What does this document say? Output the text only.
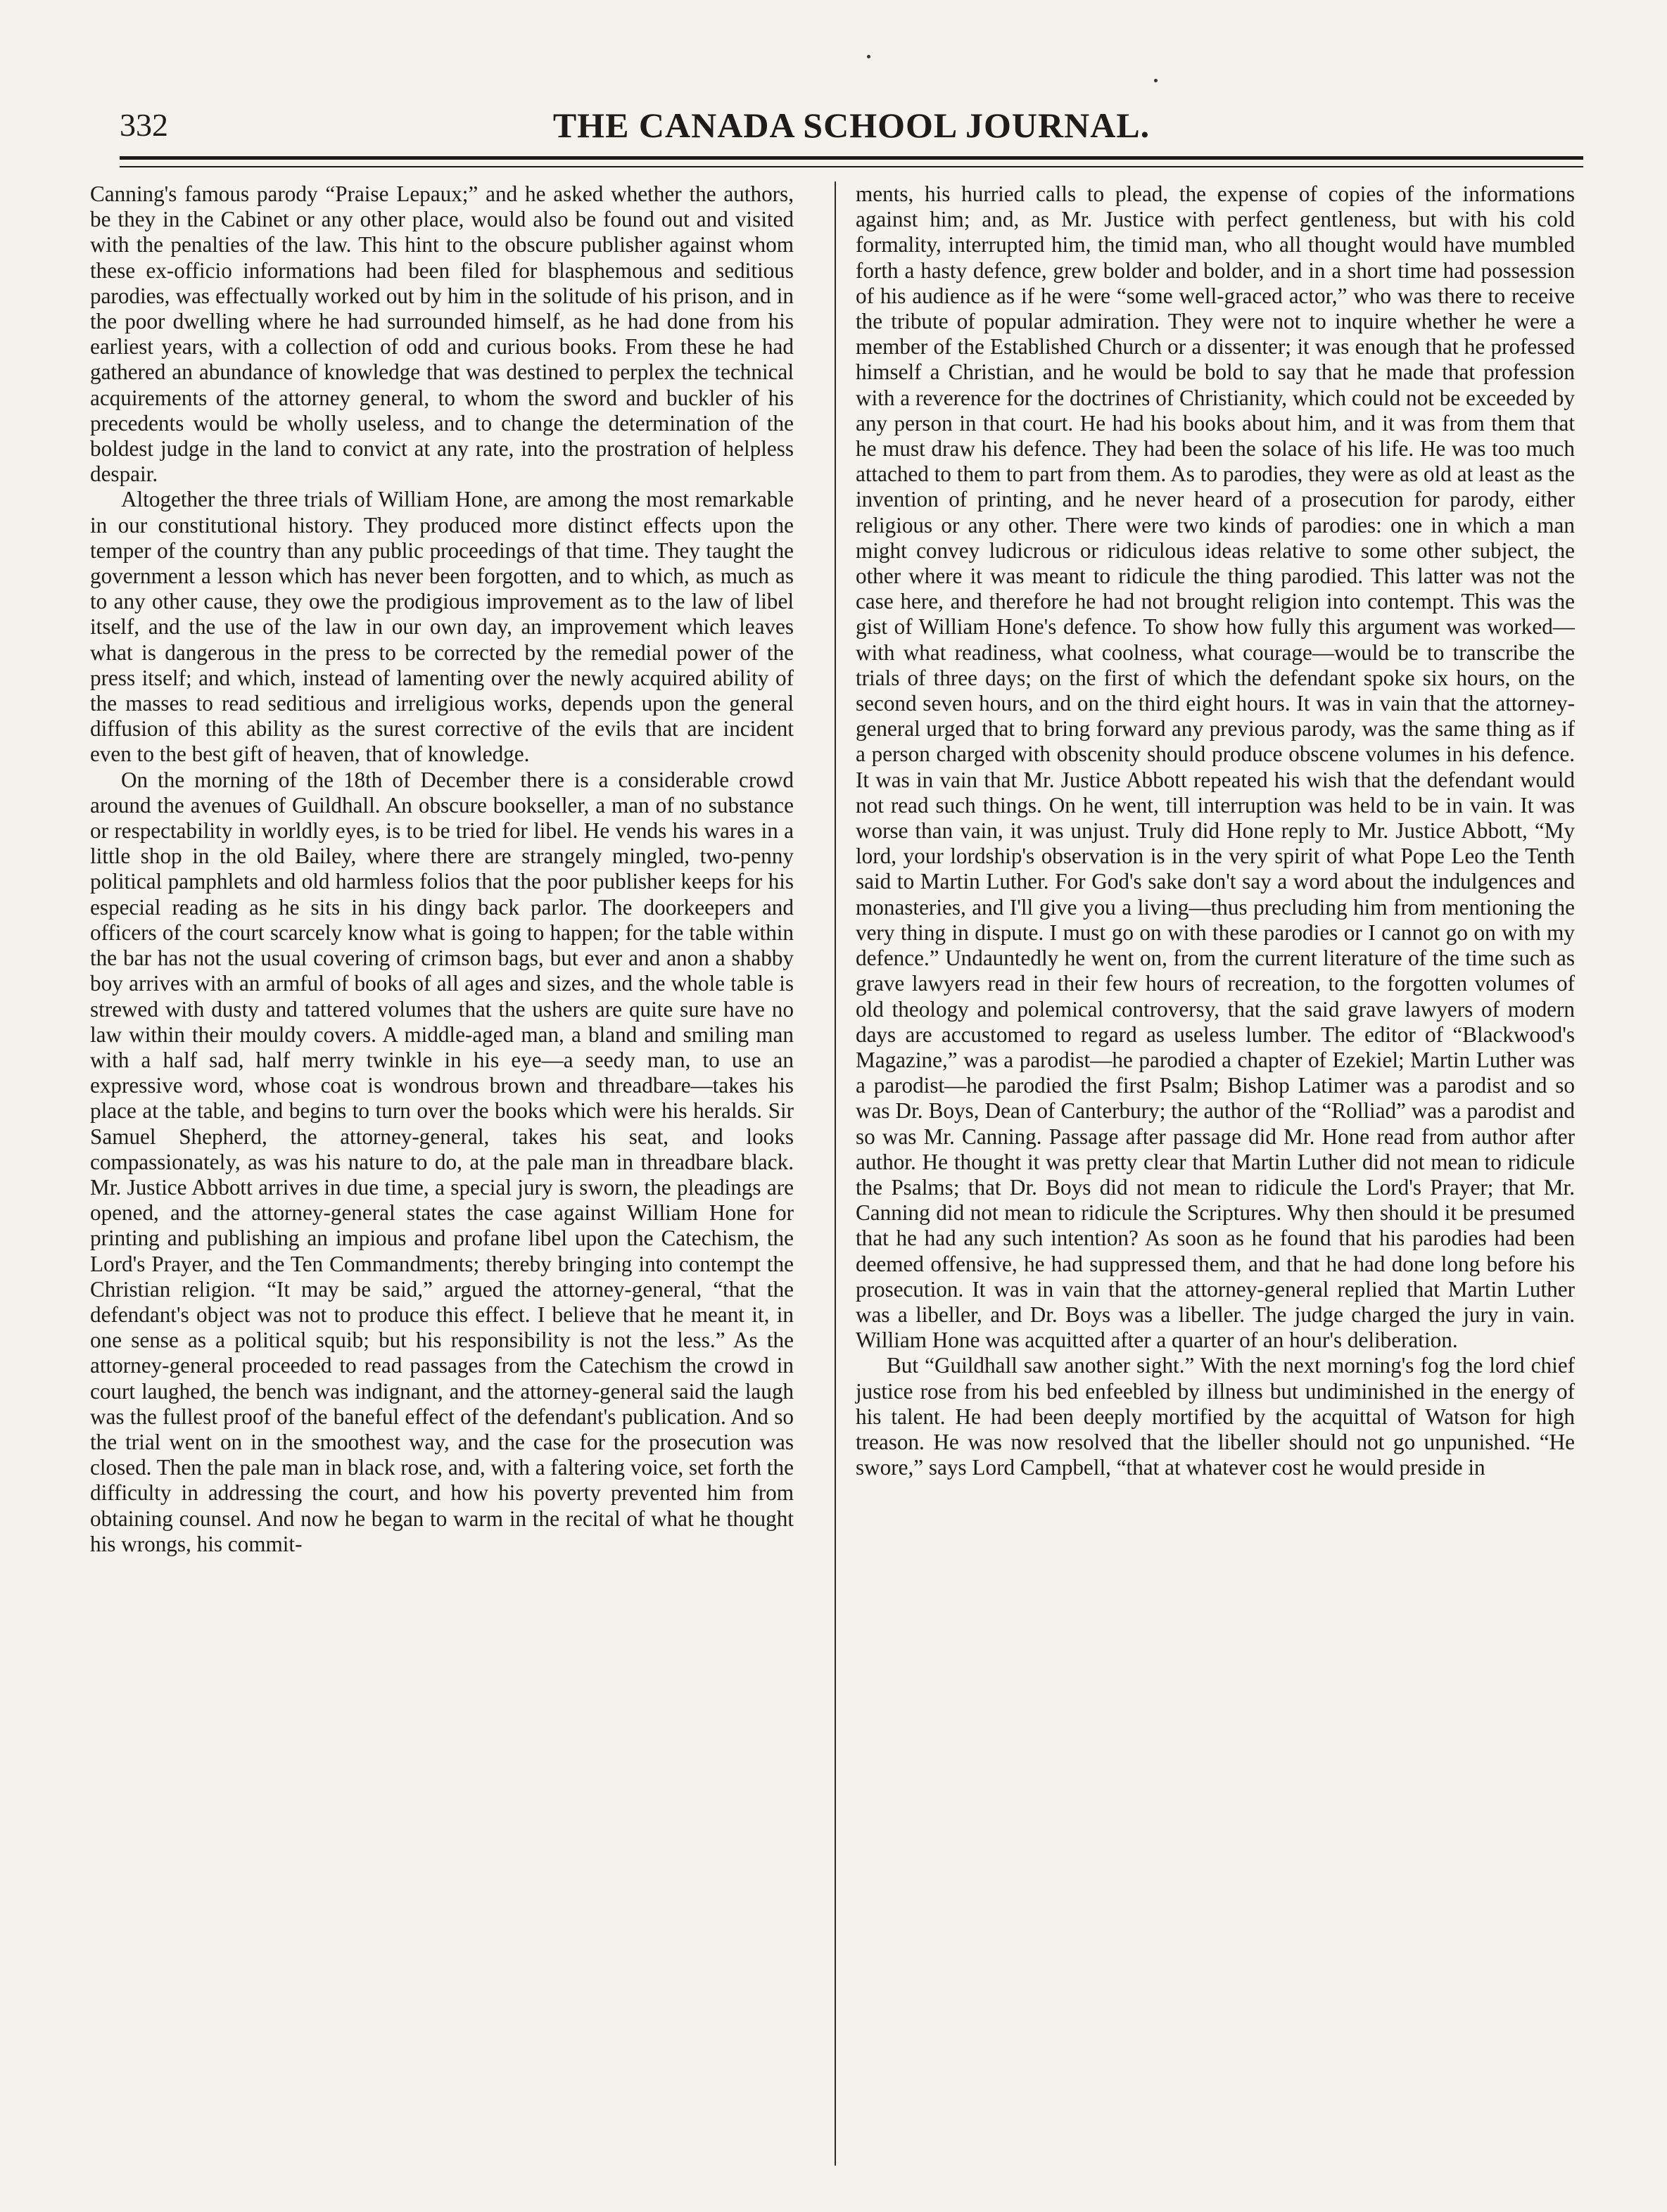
332	THE CANADA SCHOOL JOURNAL.

Canning's famous parody “Praise Lepaux;” and he asked whether the authors, be they in the Cabinet or any other place, would also be found out and visited with the penalties of the law. This hint to the obscure publisher against whom these ex-officio informations had been filed for blasphemous and seditious parodies, was effectually worked out by him in the solitude of his prison, and in the poor dwelling where he had surrounded himself, as he had done from his earliest years, with a collection of odd and curious books. From these he had gathered an abundance of knowledge that was destined to perplex the technical acquirements of the attorney general, to whom the sword and buckler of his precedents would be wholly useless, and to change the determination of the boldest judge in the land to convict at any rate, into the prostration of helpless despair.

Altogether the three trials of William Hone, are among the most remarkable in our constitutional history. They produced more distinct effects upon the temper of the country than any public proceedings of that time. They taught the government a lesson which has never been forgotten, and to which, as much as to any other cause, they owe the prodigious improvement as to the law of libel itself, and the use of the law in our own day, an improvement which leaves what is dangerous in the press to be corrected by the remedial power of the press itself; and which, instead of lamenting over the newly acquired ability of the masses to read seditious and irreligious works, depends upon the general diffusion of this ability as the surest corrective of the evils that are incident even to the best gift of heaven, that of knowledge.

On the morning of the 18th of December there is a considerable crowd around the avenues of Guildhall. An obscure bookseller, a man of no substance or respectability in worldly eyes, is to be tried for libel. He vends his wares in a little shop in the old Bailey, where there are strangely mingled, two-penny political pamphlets and old harmless folios that the poor publisher keeps for his especial reading as he sits in his dingy back parlor. The doorkeepers and officers of the court scarcely know what is going to happen; for the table within the bar has not the usual covering of crimson bags, but ever and anon a shabby boy arrives with an armful of books of all ages and sizes, and the whole table is strewed with dusty and tattered volumes that the ushers are quite sure have no law within their mouldy covers. A middle-aged man, a bland and smiling man with a half sad, half merry twinkle in his eye—a seedy man, to use an expressive word, whose coat is wondrous brown and threadbare—takes his place at the table, and begins to turn over the books which were his heralds. Sir Samuel Shepherd, the attorney-general, takes his seat, and looks compassionately, as was his nature to do, at the pale man in threadbare black. Mr. Justice Abbott arrives in due time, a special jury is sworn, the pleadings are opened, and the attorney-general states the case against William Hone for printing and publishing an impious and profane libel upon the Catechism, the Lord's Prayer, and the Ten Commandments; thereby bringing into contempt the Christian religion. “It may be said,” argued the attorney-general, “that the defendant's object was not to produce this effect. I believe that he meant it, in one sense as a political squib; but his responsibility is not the less.” As the attorney-general proceeded to read passages from the Catechism the crowd in court laughed, the bench was indignant, and the attorney-general said the laugh was the fullest proof of the baneful effect of the defendant's publication. And so the trial went on in the smoothest way, and the case for the prosecution was closed. Then the pale man in black rose, and, with a faltering voice, set forth the difficulty in addressing the court, and how his poverty prevented him from obtaining counsel. And now he began to warm in the recital of what he thought his wrongs, his commit-

ments, his hurried calls to plead, the expense of copies of the informations against him; and, as Mr. Justice with perfect gentleness, but with his cold formality, interrupted him, the timid man, who all thought would have mumbled forth a hasty defence, grew bolder and bolder, and in a short time had possession of his audience as if he were “some well-graced actor,” who was there to receive the tribute of popular admiration. They were not to inquire whether he were a member of the Established Church or a dissenter; it was enough that he professed himself a Christian, and he would be bold to say that he made that profession with a reverence for the doctrines of Christianity, which could not be exceeded by any person in that court. He had his books about him, and it was from them that he must draw his defence. They had been the solace of his life. He was too much attached to them to part from them. As to parodies, they were as old at least as the invention of printing, and he never heard of a prosecution for parody, either religious or any other. There were two kinds of parodies: one in which a man might convey ludicrous or ridiculous ideas relative to some other subject, the other where it was meant to ridicule the thing parodied. This latter was not the case here, and therefore he had not brought religion into contempt. This was the gist of William Hone's defence. To show how fully this argument was worked—with what readiness, what coolness, what courage—would be to transcribe the trials of three days; on the first of which the defendant spoke six hours, on the second seven hours, and on the third eight hours. It was in vain that the attorney-general urged that to bring forward any previous parody, was the same thing as if a person charged with obscenity should produce obscene volumes in his defence. It was in vain that Mr. Justice Abbott repeated his wish that the defendant would not read such things. On he went, till interruption was held to be in vain. It was worse than vain, it was unjust. Truly did Hone reply to Mr. Justice Abbott, “My lord, your lordship's observation is in the very spirit of what Pope Leo the Tenth said to Martin Luther. For God's sake don't say a word about the indulgences and monasteries, and I'll give you a living—thus precluding him from mentioning the very thing in dispute. I must go on with these parodies or I cannot go on with my defence.” Undauntedly he went on, from the current literature of the time such as grave lawyers read in their few hours of recreation, to the forgotten volumes of old theology and polemical controversy, that the said grave lawyers of modern days are accustomed to regard as useless lumber. The editor of “Blackwood's Magazine,” was a parodist—he parodied a chapter of Ezekiel; Martin Luther was a parodist—he parodied the first Psalm; Bishop Latimer was a parodist and so was Dr. Boys, Dean of Canterbury; the author of the “Rolliad” was a parodist and so was Mr. Canning. Passage after passage did Mr. Hone read from author after author. He thought it was pretty clear that Martin Luther did not mean to ridicule the Psalms; that Dr. Boys did not mean to ridicule the Lord's Prayer; that Mr. Canning did not mean to ridicule the Scriptures. Why then should it be presumed that he had any such intention? As soon as he found that his parodies had been deemed offensive, he had suppressed them, and that he had done long before his prosecution. It was in vain that the attorney-general replied that Martin Luther was a libeller, and Dr. Boys was a libeller. The judge charged the jury in vain. William Hone was acquitted after a quarter of an hour's deliberation.

But “Guildhall saw another sight.” With the next morning's fog the lord chief justice rose from his bed enfeebled by illness but undiminished in the energy of his talent. He had been deeply mortified by the acquittal of Watson for high treason. He was now resolved that the libeller should not go unpunished. “He swore,” says Lord Campbell, “that at whatever cost he would preside in
